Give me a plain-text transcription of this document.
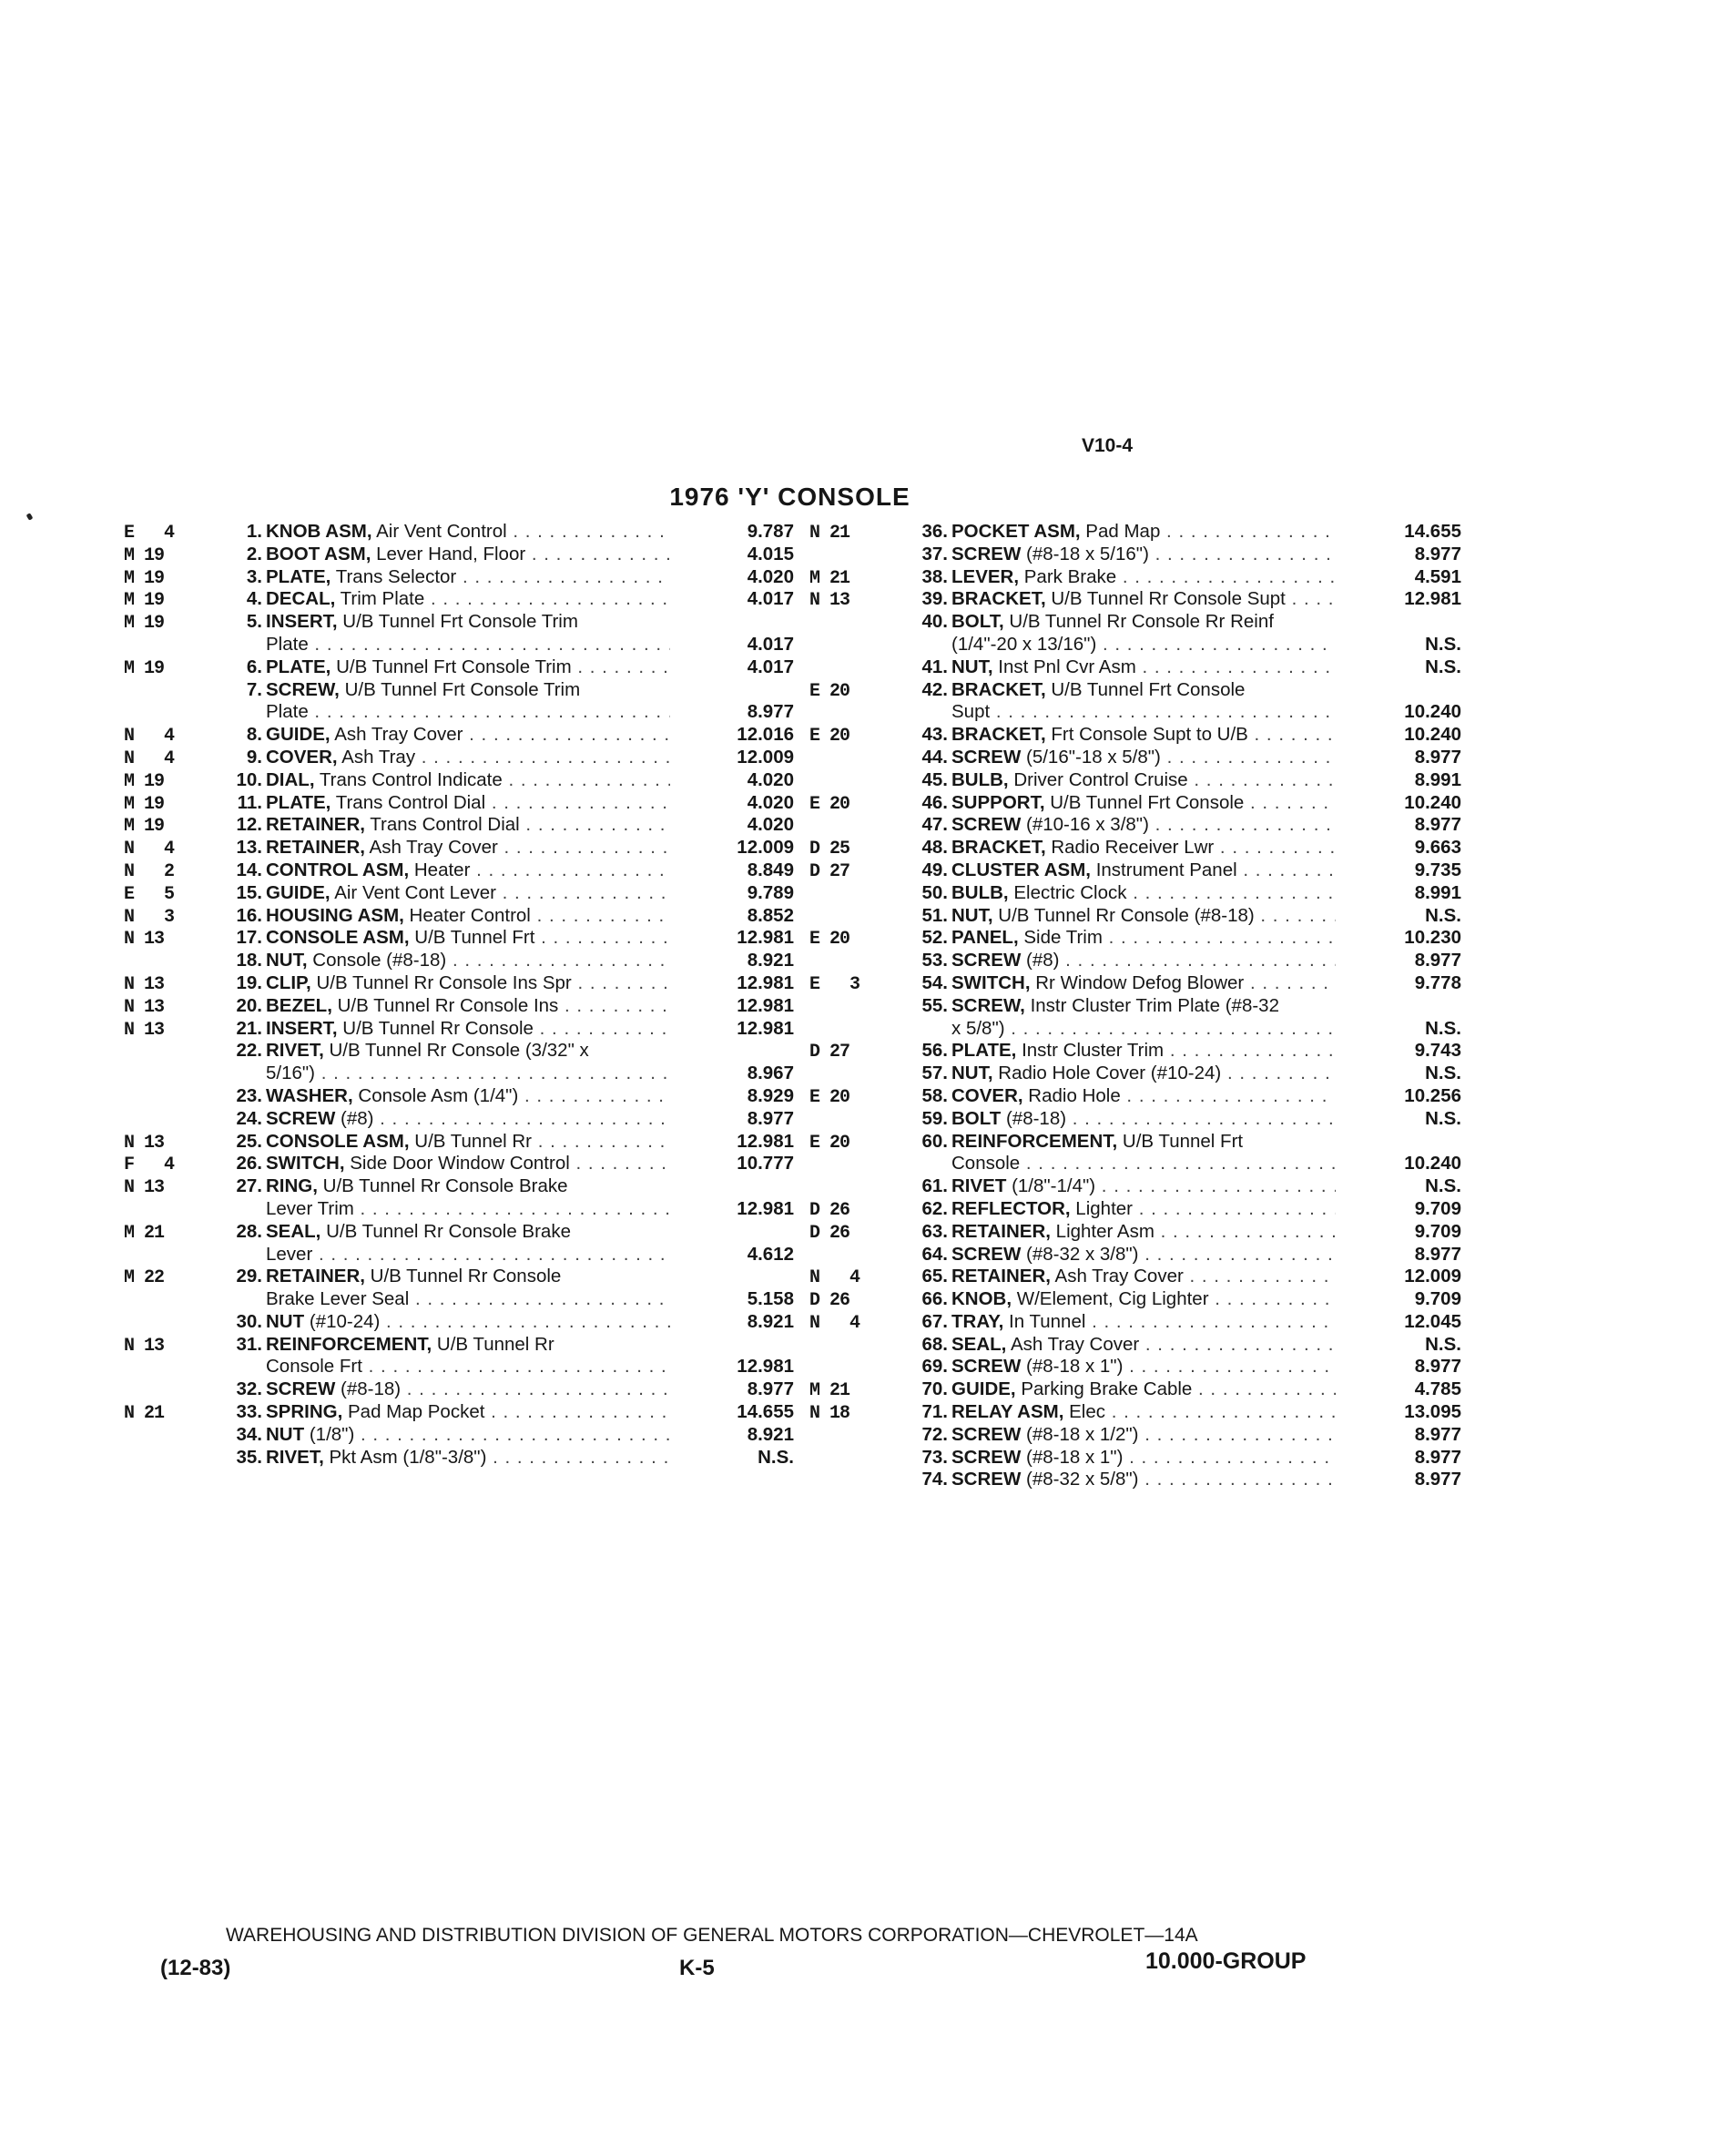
V10-4
1976 'Y' CONSOLE
E   4	1. KNOB ASM, Air Vent Control . . .	9.787
M 19	2. BOOT ASM, Lever Hand, Floor . . .	4.015
M 19	3. PLATE, Trans Selector . . .	4.020
M 19	4. DECAL, Trim Plate . . .	4.017
M 19	5. INSERT, U/B Tunnel Frt Console Trim
Plate . . .	4.017
M 19	6. PLATE, U/B Tunnel Frt Console Trim . . .	4.017
7. SCREW, U/B Tunnel Frt Console Trim
Plate . . .	8.977
N   4	8. GUIDE, Ash Tray Cover . . .	12.016
N   4	9. COVER, Ash Tray . . .	12.009
M 19	10. DIAL, Trans Control Indicate . . .	4.020
M 19	11. PLATE, Trans Control Dial . . .	4.020
M 19	12. RETAINER, Trans Control Dial . . .	4.020
N   4	13. RETAINER, Ash Tray Cover . . .	12.009
N   2	14. CONTROL ASM, Heater . . .	8.849
E   5	15. GUIDE, Air Vent Cont Lever . . .	9.789
N   3	16. HOUSING ASM, Heater Control . . .	8.852
N 13	17. CONSOLE ASM, U/B Tunnel Frt . . .	12.981
18. NUT, Console (#8-18) . . .	8.921
N 13	19. CLIP, U/B Tunnel Rr Console Ins Spr . . .	12.981
N 13	20. BEZEL, U/B Tunnel Rr Console Ins . . .	12.981
N 13	21. INSERT, U/B Tunnel Rr Console . . .	12.981
22. RIVET, U/B Tunnel Rr Console (3/32" x
5/16") . . .	8.967
23. WASHER, Console Asm (1/4") . . .	8.929
24. SCREW (#8) . . .	8.977
N 13	25. CONSOLE ASM, U/B Tunnel Rr . . .	12.981
F   4	26. SWITCH, Side Door Window Control . . .	10.777
N 13	27. RING, U/B Tunnel Rr Console Brake
Lever Trim . . .	12.981
M 21	28. SEAL, U/B Tunnel Rr Console Brake
Lever . . .	4.612
M 22	29. RETAINER, U/B Tunnel Rr Console
Brake Lever Seal . . .	5.158
30. NUT (#10-24) . . .	8.921
N 13	31. REINFORCEMENT, U/B Tunnel Rr
Console Frt . . .	12.981
32. SCREW (#8-18) . . .	8.977
N 21	33. SPRING, Pad Map Pocket . . .	14.655
34. NUT (1/8") . . .	8.921
35. RIVET, Pkt Asm (1/8"-3/8") . . .	N.S.
N 21	36. POCKET ASM, Pad Map . . .	14.655
37. SCREW (#8-18 x 5/16") . . .	8.977
M 21	38. LEVER, Park Brake . . .	4.591
N 13	39. BRACKET, U/B Tunnel Rr Console Supt . . .	12.981
40. BOLT, U/B Tunnel Rr Console Rr Reinf
(1/4"-20 x 13/16") . . .	N.S.
41. NUT, Inst Pnl Cvr Asm . . .	N.S.
E 20	42. BRACKET, U/B Tunnel Frt Console
Supt . . .	10.240
E 20	43. BRACKET, Frt Console Supt to U/B . . .	10.240
44. SCREW (5/16"-18 x 5/8") . . .	8.977
45. BULB, Driver Control Cruise . . .	8.991
E 20	46. SUPPORT, U/B Tunnel Frt Console . . .	10.240
47. SCREW (#10-16 x 3/8") . . .	8.977
D 25	48. BRACKET, Radio Receiver Lwr . . .	9.663
D 27	49. CLUSTER ASM, Instrument Panel . . .	9.735
50. BULB, Electric Clock . . .	8.991
51. NUT, U/B Tunnel Rr Console (#8-18) . . .	N.S.
E 20	52. PANEL, Side Trim . . .	10.230
53. SCREW (#8) . . .	8.977
E   3	54. SWITCH, Rr Window Defog Blower . . .	9.778
55. SCREW, Instr Cluster Trim Plate (#8-32
x 5/8") . . .	N.S.
D 27	56. PLATE, Instr Cluster Trim . . .	9.743
57. NUT, Radio Hole Cover (#10-24) . . .	N.S.
E 20	58. COVER, Radio Hole . . .	10.256
59. BOLT (#8-18) . . .	N.S.
E 20	60. REINFORCEMENT, U/B Tunnel Frt
Console . . .	10.240
61. RIVET (1/8"-1/4") . . .	N.S.
D 26	62. REFLECTOR, Lighter . . .	9.709
D 26	63. RETAINER, Lighter Asm . . .	9.709
64. SCREW (#8-32 x 3/8") . . .	8.977
N   4	65. RETAINER, Ash Tray Cover . . .	12.009
D 26	66. KNOB, W/Element, Cig Lighter . . .	9.709
N   4	67. TRAY, In Tunnel . . .	12.045
68. SEAL, Ash Tray Cover . . .	N.S.
69. SCREW (#8-18 x 1") . . .	8.977
M 21	70. GUIDE, Parking Brake Cable . . .	4.785
N 18	71. RELAY ASM, Elec . . .	13.095
72. SCREW (#8-18 x 1/2") . . .	8.977
73. SCREW (#8-18 x 1") . . .	8.977
74. SCREW (#8-32 x 5/8") . . .	8.977
WAREHOUSING AND DISTRIBUTION DIVISION OF GENERAL MOTORS CORPORATION—CHEVROLET—14A
(12-83)	K-5	10.000-GROUP
